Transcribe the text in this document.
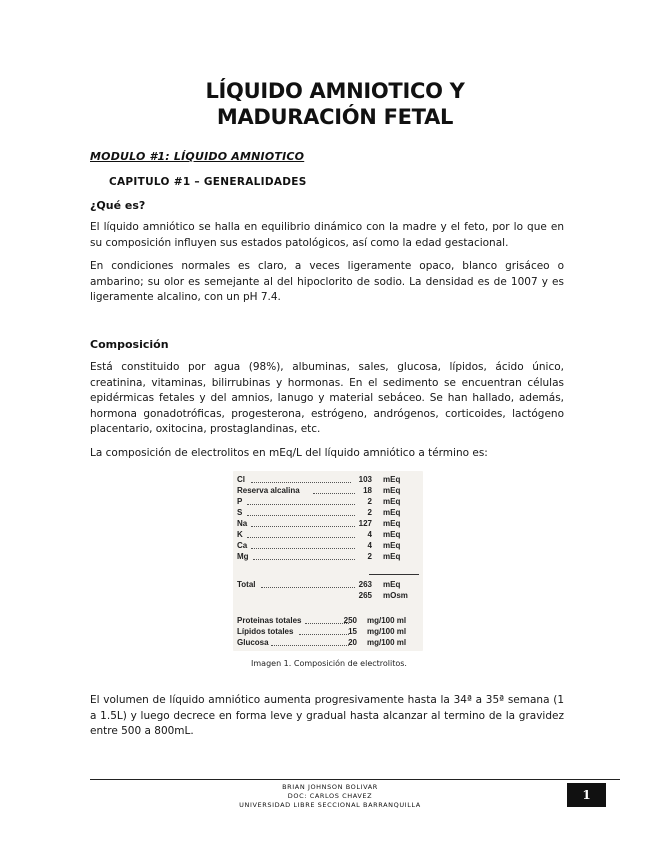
LÍQUIDO AMNIOTICO Y
MADURACIÓN FETAL
MODULO #1: LÍQUIDO AMNIOTICO
CAPITULO #1 – GENERALIDADES
¿Qué es?
El líquido amniótico se halla en equilibrio dinámico con la madre y el feto, por lo que en su composición influyen sus estados patológicos, así como la edad gestacional.
En condiciones normales es claro, a veces ligeramente opaco, blanco grisáceo o ambarino; su olor es semejante al del hipoclorito de sodio. La densidad es de 1007 y es ligeramente alcalino, con un pH 7.4.
Composición
Está constituido por agua (98%), albuminas, sales, glucosa, lípidos, ácido único, creatinina, vitaminas, bilirrubinas y hormonas. En el sedimento se encuentran células epidérmicas fetales y del amnios, lanugo y material sebáceo. Se han hallado, además, hormona gonadotróficas, progesterona, estrógeno, andrógenos, corticoides, lactógeno placentario, oxitocina, prostaglandinas, etc.
La composición de electrolitos en mEq/L del líquido amniótico a término es:
Cl	103 mEq
Reserva alcalina	18 mEq
P	2 mEq
S	2 mEq
Na	127 mEq
K	4 mEq
Ca	4 mEq
Mg	2 mEq
Total	263 mEq
265 mOsm
Proteinas totales	250 mg/100 ml
Lípidos totales	15 mg/100 ml
Glucosa	20 mg/100 ml
Imagen 1. Composición de electrolitos.
El volumen de líquido amniótico aumenta progresivamente hasta la 34ª a 35ª semana (1 a 1.5L) y luego decrece en forma leve y gradual hasta alcanzar al termino de la gravidez entre 500 a 800mL.
BRIAN JOHNSON BOLIVAR
DOC: CARLOS CHAVEZ
UNIVERSIDAD LIBRE SECCIONAL BARRANQUILLA
1
